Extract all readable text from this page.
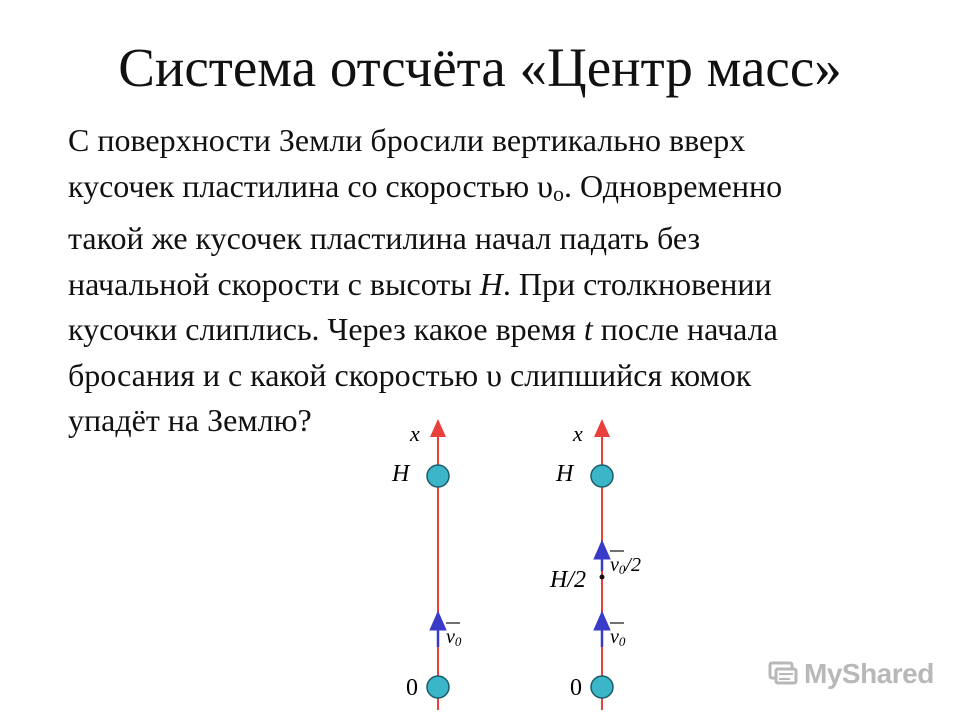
Система отсчёта «Центр масс»
С поверхности Земли бросили вертикально вверх
кусочек пластилина со скоростью υо. Одновременно
такой же кусочек пластилина начал падать без
начальной скорости с высоты H. При столкновении
кусочки слиплись. Через какое время t после начала
бросания и с какой скоростью υ слипшийся комок
упадёт на Землю?	x
H
v0
0
x
H
v0/2
H/2
v0
0	MyShared
